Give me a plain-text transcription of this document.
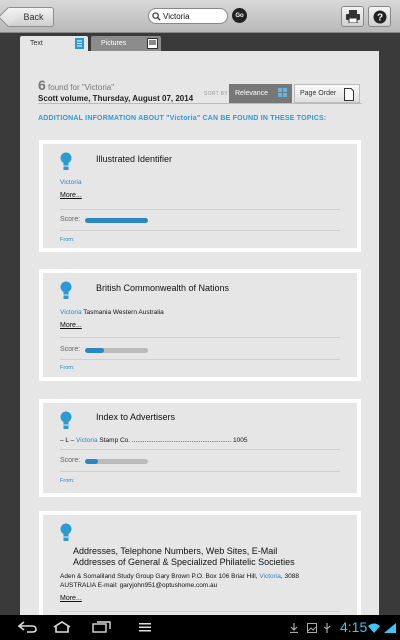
Back
Victoria	Go	?
Text	Pictures
6 found for "Victoria"
Scott volume, Thursday, August 07, 2014 SORT BY Relevance	Page Order
ADDITIONAL INFORMATION ABOUT "Victoria" CAN BE FOUND IN THESE TOPICS:
Illustrated Identifier
Victoria
More...
Score:
From:
British Commonwealth of Nations
Victoria Tasmania Western Australia
More...
Score:
From:
Index to Advertisers
– L – Victoria Stamp Co. ....................................................... 1005
Score:
From:
Addresses, Telephone Numbers, Web Sites, E-Mail
Addresses of General & Specialized Philatelic Societies
Aden & Somaliland Study Group Gary Brown P.O. Box 106 Briar Hill, Victoria, 3088
AUSTRALIA E-mail: garyjohn951@optushome.com.au
More...
4:15
